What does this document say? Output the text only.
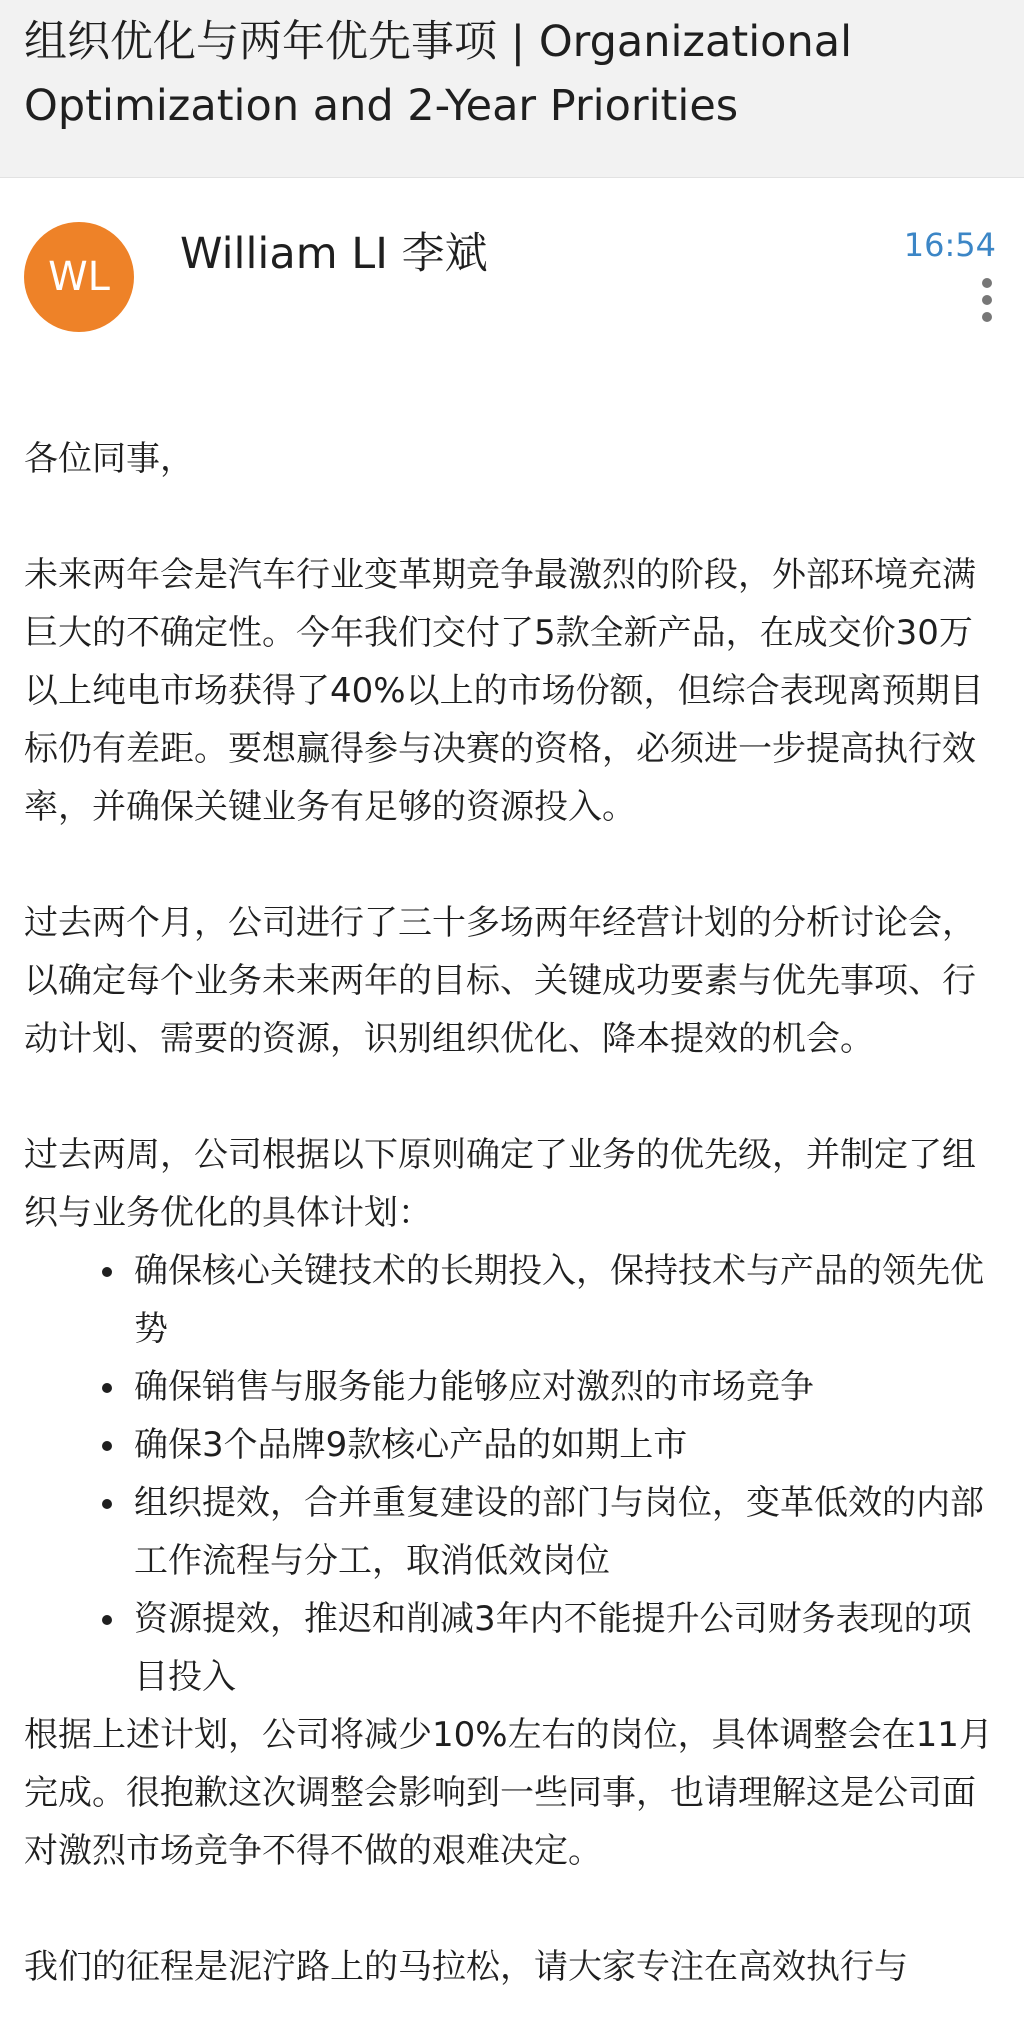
组织优化与两年优先事项 | Organizational Optimization and 2-Year Priorities
WL	William LI 李斌	16:54

各位同事，

未来两年会是汽车行业变革期竞争最激烈的阶段，外部环境充满巨大的不确定性。今年我们交付了5款全新产品，在成交价30万以上纯电市场获得了40%以上的市场份额，但综合表现离预期目标仍有差距。要想赢得参与决赛的资格，必须进一步提高执行效率，并确保关键业务有足够的资源投入。

过去两个月，公司进行了三十多场两年经营计划的分析讨论会，以确定每个业务未来两年的目标、关键成功要素与优先事项、行动计划、需要的资源，识别组织优化、降本提效的机会。

过去两周，公司根据以下原则确定了业务的优先级，并制定了组织与业务优化的具体计划：

确保核心关键技术的长期投入，保持技术与产品的领先优势
确保销售与服务能力能够应对激烈的市场竞争
确保3个品牌9款核心产品的如期上市
组织提效，合并重复建设的部门与岗位，变革低效的内部工作流程与分工，取消低效岗位
资源提效，推迟和削减3年内不能提升公司财务表现的项目投入

根据上述计划，公司将减少10%左右的岗位，具体调整会在11月完成。很抱歉这次调整会影响到一些同事，也请理解这是公司面对激烈市场竞争不得不做的艰难决定。

我们的征程是泥泞路上的马拉松，请大家专注在高效执行与
